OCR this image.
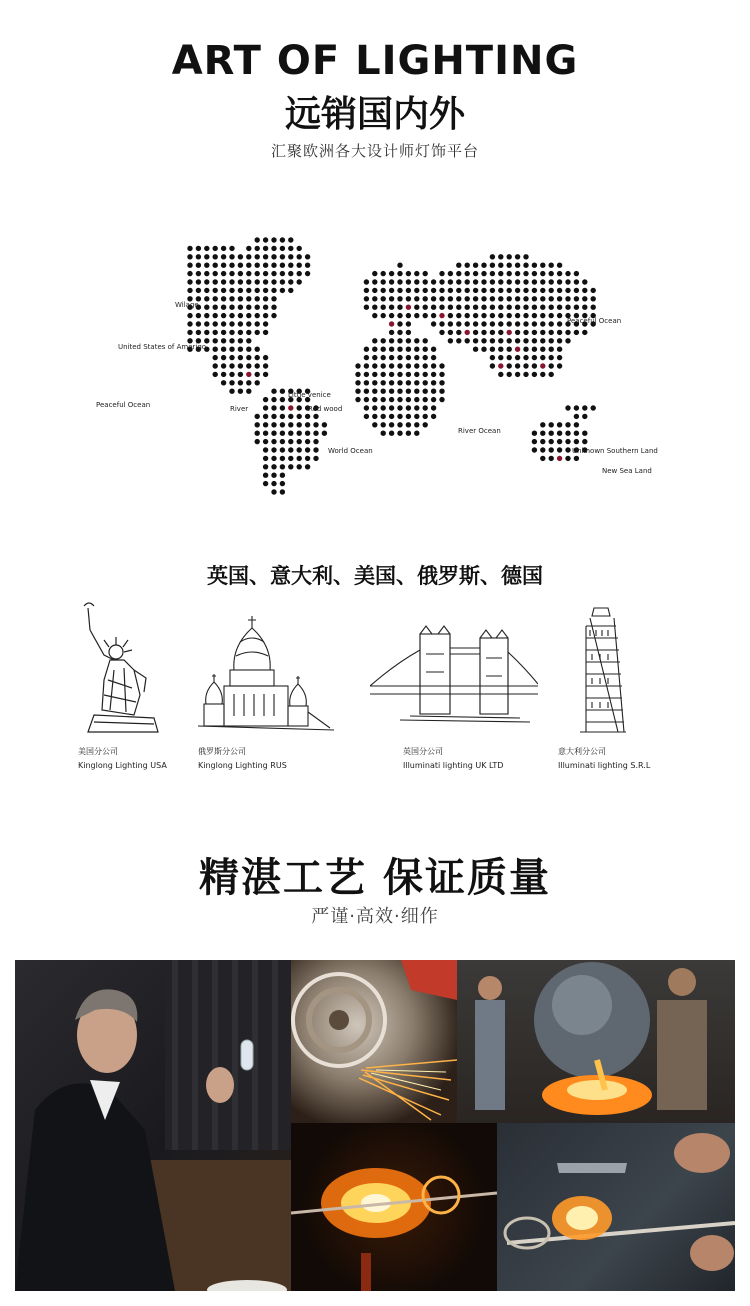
ART OF LIGHTING
远销国内外
汇聚欧洲各大设计师灯饰平台
Wilage
United States of Amerigo
Peaceful Ocean	River
Little venice
Red wood
World Ocean
River Ocean
Peaceful Ocean
Unknown Southern Land
New Sea Land
英国、意大利、美国、俄罗斯、德国
美国分公司
Kinglong Lighting USA
俄罗斯分公司
Kinglong Lighting RUS
英国分公司
Illuminati lighting UK LTD
意大利分公司
Illuminati lighting S.R.L
精湛工艺 保证质量
严谨·高效·细作
